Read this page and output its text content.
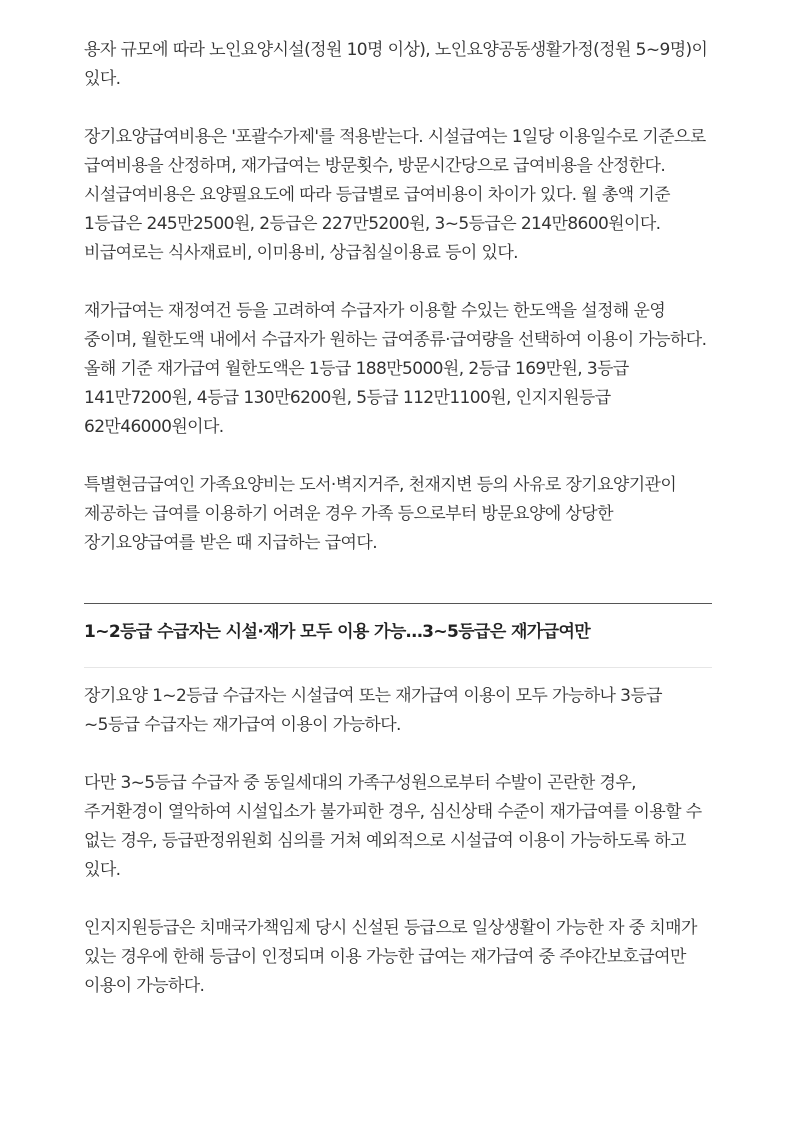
용자 규모에 따라 노인요양시설(정원 10명 이상), 노인요양공동생활가정(정원 5~9명)이 있다.

장기요양급여비용은 '포괄수가제'를 적용받는다. 시설급여는 1일당 이용일수로 기준으로 급여비용을 산정하며, 재가급여는 방문횟수, 방문시간당으로 급여비용을 산정한다. 시설급여비용은 요양필요도에 따라 등급별로 급여비용이 차이가 있다. 월 총액 기준 1등급은 245만2500원, 2등급은 227만5200원, 3~5등급은 214만8600원이다. 비급여로는 식사재료비, 이미용비, 상급침실이용료 등이 있다.

재가급여는 재정여건 등을 고려하여 수급자가 이용할 수있는 한도액을 설정해 운영 중이며, 월한도액 내에서 수급자가 원하는 급여종류·급여량을 선택하여 이용이 가능하다. 올해 기준 재가급여 월한도액은 1등급 188만5000원, 2등급 169만원, 3등급 141만7200원, 4등급 130만6200원, 5등급 112만1100원, 인지지원등급 62만46000원이다.

특별현금급여인 가족요양비는 도서·벽지거주, 천재지변 등의 사유로 장기요양기관이 제공하는 급여를 이용하기 어려운 경우 가족 등으로부터 방문요양에 상당한 장기요양급여를 받은 때 지급하는 급여다.

1~2등급 수급자는 시설·재가 모두 이용 가능…3~5등급은 재가급여만

장기요양 1~2등급 수급자는 시설급여 또는 재가급여 이용이 모두 가능하나 3등급~5등급 수급자는 재가급여 이용이 가능하다.

다만 3~5등급 수급자 중 동일세대의 가족구성원으로부터 수발이 곤란한 경우, 주거환경이 열악하여 시설입소가 불가피한 경우, 심신상태 수준이 재가급여를 이용할 수 없는 경우, 등급판정위원회 심의를 거쳐 예외적으로 시설급여 이용이 가능하도록 하고 있다.

인지지원등급은 치매국가책임제 당시 신설된 등급으로 일상생활이 가능한 자 중 치매가 있는 경우에 한해 등급이 인정되며 이용 가능한 급여는 재가급여 중 주야간보호급여만 이용이 가능하다.
